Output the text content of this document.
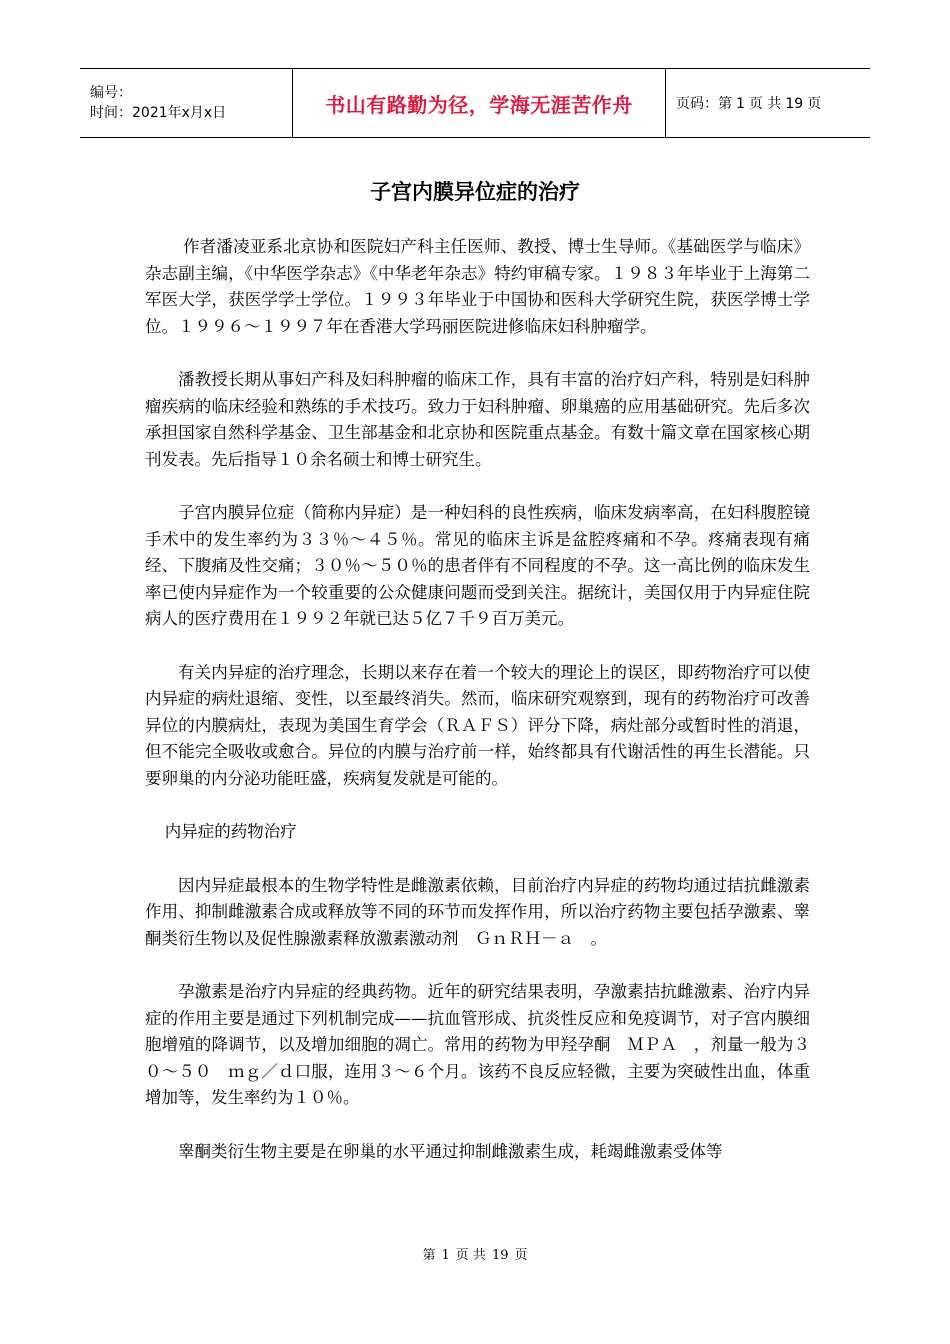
编号：
时间：2021年x月x日	书山有路勤为径，学海无涯苦作舟	页码：第 1 页 共 19 页
子宫内膜异位症的治疗

作者潘凌亚系北京协和医院妇产科主任医师、教授、博士生导师。《基础医学与临床》杂志副主编，《中华医学杂志》《中华老年杂志》特约审稿专家。１９８３年毕业于上海第二军医大学，获医学学士学位。１９９３年毕业于中国协和医科大学研究生院，获医学博士学位。１９９６～１９９７年在香港大学玛丽医院进修临床妇科肿瘤学。

潘教授长期从事妇产科及妇科肿瘤的临床工作，具有丰富的治疗妇产科，特别是妇科肿瘤疾病的临床经验和熟练的手术技巧。致力于妇科肿瘤、卵巢癌的应用基础研究。先后多次承担国家自然科学基金、卫生部基金和北京协和医院重点基金。有数十篇文章在国家核心期刊发表。先后指导１０余名硕士和博士研究生。

子宫内膜异位症（简称内异症）是一种妇科的良性疾病，临床发病率高，在妇科腹腔镜手术中的发生率约为３３％～４５％。常见的临床主诉是盆腔疼痛和不孕。疼痛表现有痛经、下腹痛及性交痛；３０％～５０％的患者伴有不同程度的不孕。这一高比例的临床发生率已使内异症作为一个较重要的公众健康问题而受到关注。据统计，美国仅用于内异症住院病人的医疗费用在１９９２年就已达５亿７千９百万美元。

有关内异症的治疗理念，长期以来存在着一个较大的理论上的误区，即药物治疗可以使内异症的病灶退缩、变性，以至最终消失。然而，临床研究观察到，现有的药物治疗可改善异位的内膜病灶，表现为美国生育学会（ＲＡＦＳ）评分下降，病灶部分或暂时性的消退，但不能完全吸收或愈合。异位的内膜与治疗前一样，始终都具有代谢活性的再生长潜能。只要卵巢的内分泌功能旺盛，疾病复发就是可能的。

内异症的药物治疗

因内异症最根本的生物学特性是雌激素依赖，目前治疗内异症的药物均通过拮抗雌激素作用、抑制雌激素合成或释放等不同的环节而发挥作用，所以治疗药物主要包括孕激素、睾酮类衍生物以及促性腺激素释放激素激动剂　ＧｎＲＨ－ａ　。

孕激素是治疗内异症的经典药物。近年的研究结果表明，孕激素拮抗雌激素、治疗内异症的作用主要是通过下列机制完成——抗血管形成、抗炎性反应和免疫调节，对子宫内膜细胞增殖的降调节，以及增加细胞的凋亡。常用的药物为甲羟孕酮　ＭＰＡ　，剂量一般为３０～５０　ｍｇ／ｄ口服，连用３～６个月。该药不良反应轻微，主要为突破性出血，体重增加等，发生率约为１０％。

睾酮类衍生物主要是在卵巢的水平通过抑制雌激素生成，耗竭雌激素受体等

第 1 页 共 19 页
